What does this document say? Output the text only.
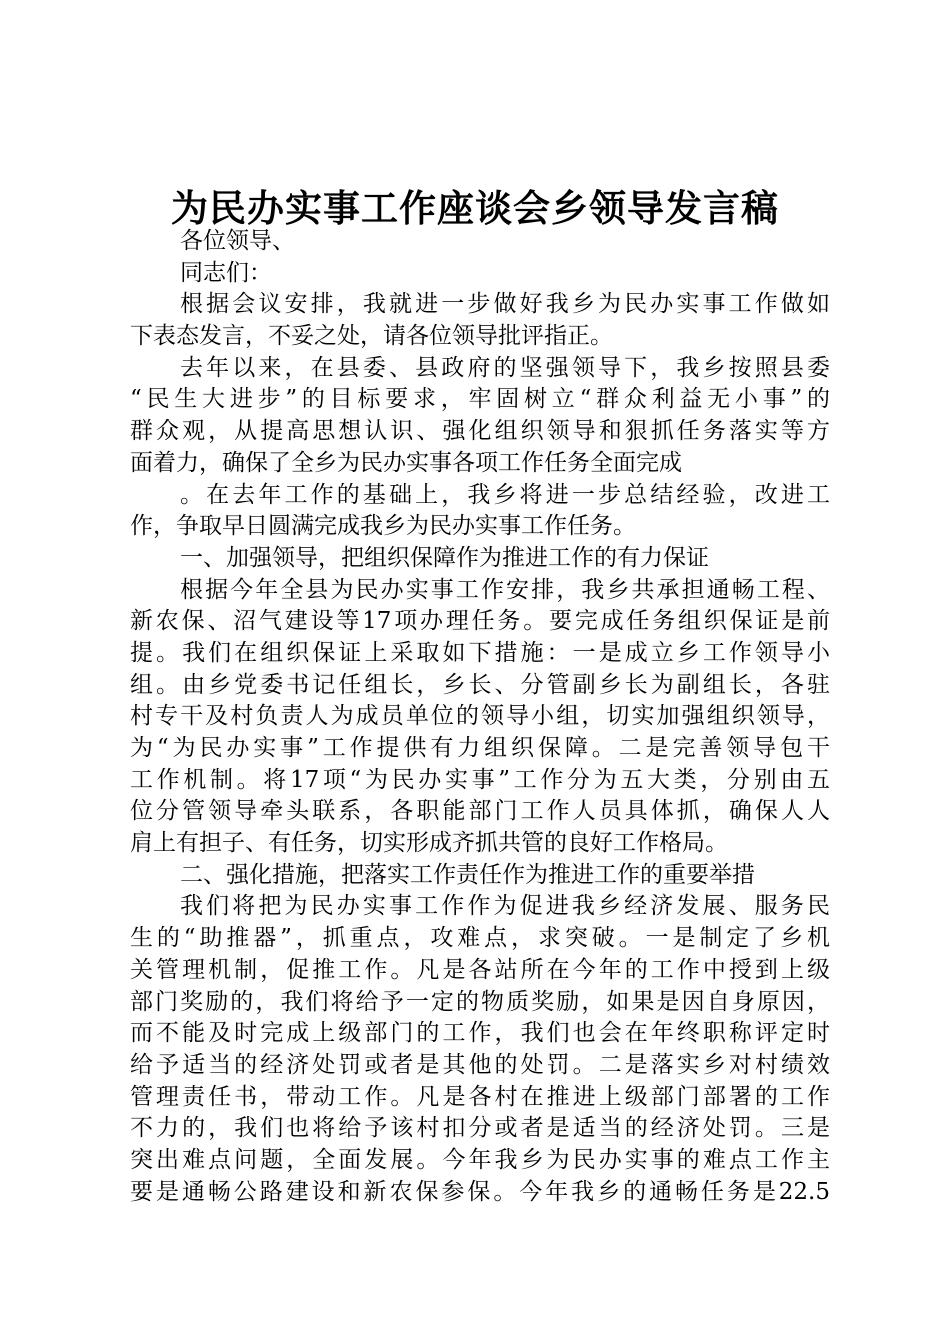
为民办实事工作座谈会乡领导发言稿
各位领导、
同志们：
根据会议安排，我就进一步做好我乡为民办实事工作做如
下表态发言，不妥之处，请各位领导批评指正。
去年以来，在县委、县政府的坚强领导下，我乡按照县委
“民生大进步”的目标要求，牢固树立“群众利益无小事”的
群众观，从提高思想认识、强化组织领导和狠抓任务落实等方
面着力，确保了全乡为民办实事各项工作任务全面完成
。在去年工作的基础上，我乡将进一步总结经验，改进工
作，争取早日圆满完成我乡为民办实事工作任务。
一、加强领导，把组织保障作为推进工作的有力保证
根据今年全县为民办实事工作安排，我乡共承担通畅工程、
新农保、沼气建设等17项办理任务。要完成任务组织保证是前
提。我们在组织保证上采取如下措施：一是成立乡工作领导小
组。由乡党委书记任组长，乡长、分管副乡长为副组长，各驻
村专干及村负责人为成员单位的领导小组，切实加强组织领导，
为“为民办实事”工作提供有力组织保障。二是完善领导包干
工作机制。将17项“为民办实事”工作分为五大类，分别由五
位分管领导牵头联系，各职能部门工作人员具体抓，确保人人
肩上有担子、有任务，切实形成齐抓共管的良好工作格局。
二、强化措施，把落实工作责任作为推进工作的重要举措
我们将把为民办实事工作作为促进我乡经济发展、服务民
生的“助推器”，抓重点，攻难点，求突破。一是制定了乡机
关管理机制，促推工作。凡是各站所在今年的工作中授到上级
部门奖励的，我们将给予一定的物质奖励，如果是因自身原因，
而不能及时完成上级部门的工作，我们也会在年终职称评定时
给予适当的经济处罚或者是其他的处罚。二是落实乡对村绩效
管理责任书，带动工作。凡是各村在推进上级部门部署的工作
不力的，我们也将给予该村扣分或者是适当的经济处罚。三是
突出难点问题，全面发展。今年我乡为民办实事的难点工作主
要是通畅公路建设和新农保参保。今年我乡的通畅任务是22.5
